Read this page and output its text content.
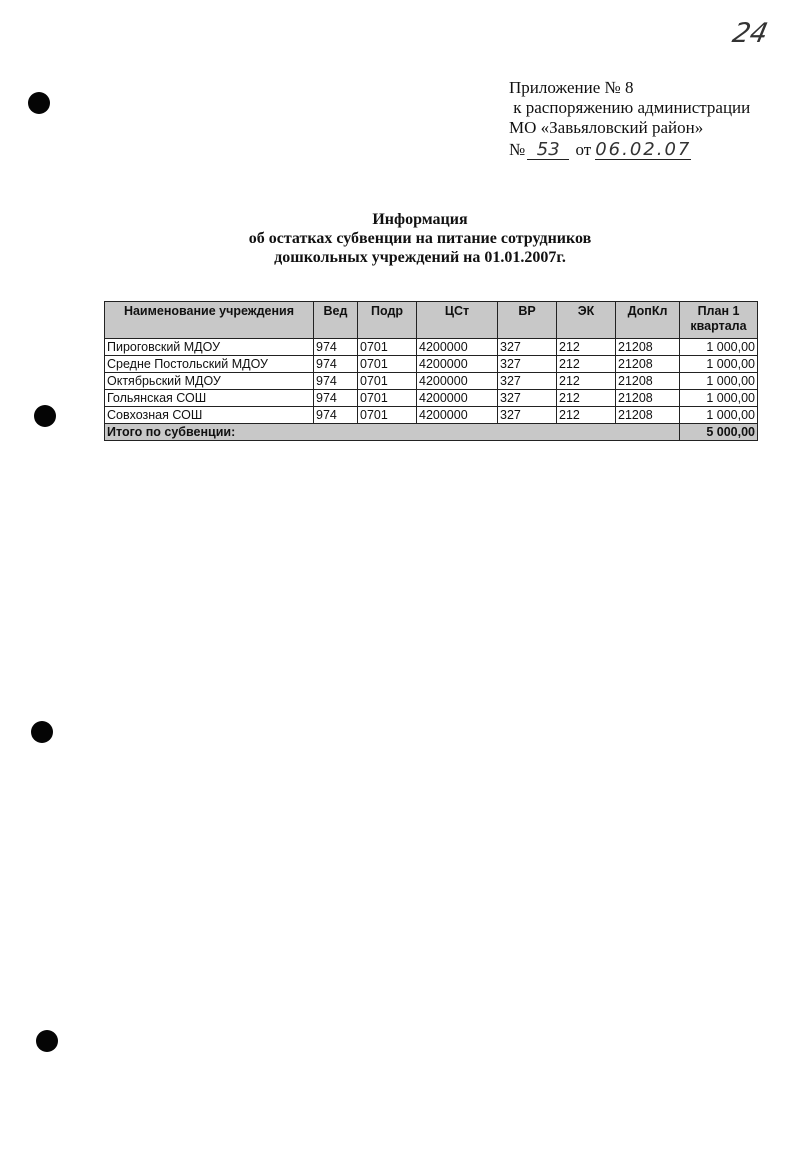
24
Приложение № 8
к распоряжению администрации
МО «Завьяловский район»
№ 53 от 06.02.07
Информация
об остатках субвенции на питание сотрудников
дошкольных учреждений на 01.01.2007г.
Наименование учреждения	Вед	Подр	ЦСт	ВР	ЭК	ДопКл	План 1 квартала
Пироговский МДОУ	974	0701	4200000	327	212	21208	1 000,00
Средне Постольский МДОУ	974	0701	4200000	327	212	21208	1 000,00
Октябрьский МДОУ	974	0701	4200000	327	212	21208	1 000,00
Гольянская СОШ	974	0701	4200000	327	212	21208	1 000,00
Совхозная СОШ	974	0701	4200000	327	212	21208	1 000,00
Итого по субвенции:							5 000,00
